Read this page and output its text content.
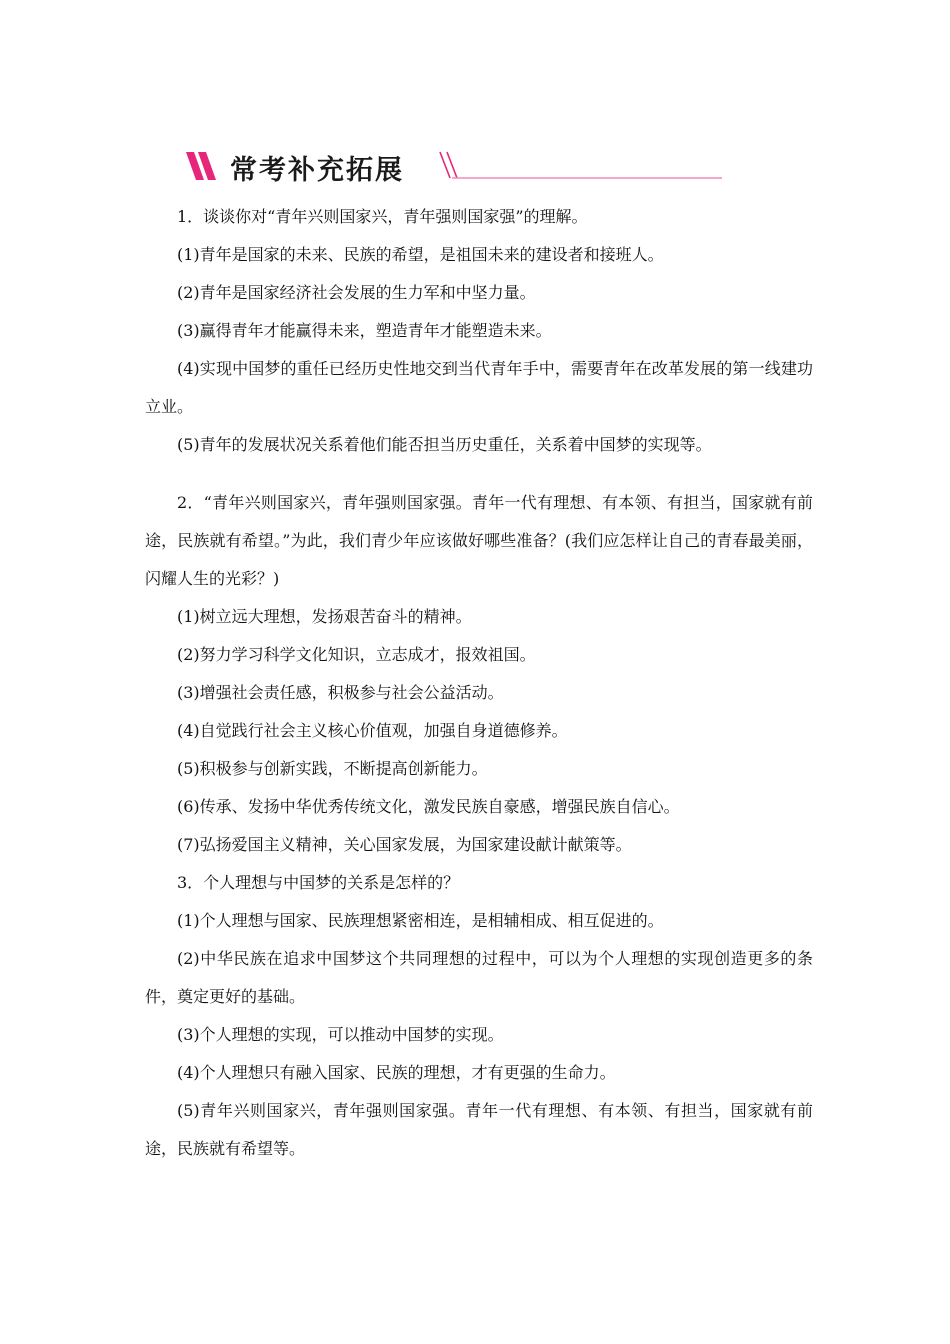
常考补充拓展

1．谈谈你对“青年兴则国家兴，青年强则国家强”的理解。

(1)青年是国家的未来、民族的希望，是祖国未来的建设者和接班人。

(2)青年是国家经济社会发展的生力军和中坚力量。

(3)赢得青年才能赢得未来，塑造青年才能塑造未来。

(4)实现中国梦的重任已经历史性地交到当代青年手中，需要青年在改革发展的第一线建功立业。

(5)青年的发展状况关系着他们能否担当历史重任，关系着中国梦的实现等。

2．“青年兴则国家兴，青年强则国家强。青年一代有理想、有本领、有担当，国家就有前途，民族就有希望。”为此，我们青少年应该做好哪些准备？(我们应怎样让自己的青春最美丽，闪耀人生的光彩？)

(1)树立远大理想，发扬艰苦奋斗的精神。

(2)努力学习科学文化知识，立志成才，报效祖国。

(3)增强社会责任感，积极参与社会公益活动。

(4)自觉践行社会主义核心价值观，加强自身道德修养。

(5)积极参与创新实践，不断提高创新能力。

(6)传承、发扬中华优秀传统文化，激发民族自豪感，增强民族自信心。

(7)弘扬爱国主义精神，关心国家发展，为国家建设献计献策等。

3．个人理想与中国梦的关系是怎样的？

(1)个人理想与国家、民族理想紧密相连，是相辅相成、相互促进的。

(2)中华民族在追求中国梦这个共同理想的过程中，可以为个人理想的实现创造更多的条件，奠定更好的基础。

(3)个人理想的实现，可以推动中国梦的实现。

(4)个人理想只有融入国家、民族的理想，才有更强的生命力。

(5)青年兴则国家兴，青年强则国家强。青年一代有理想、有本领、有担当，国家就有前途，民族就有希望等。
